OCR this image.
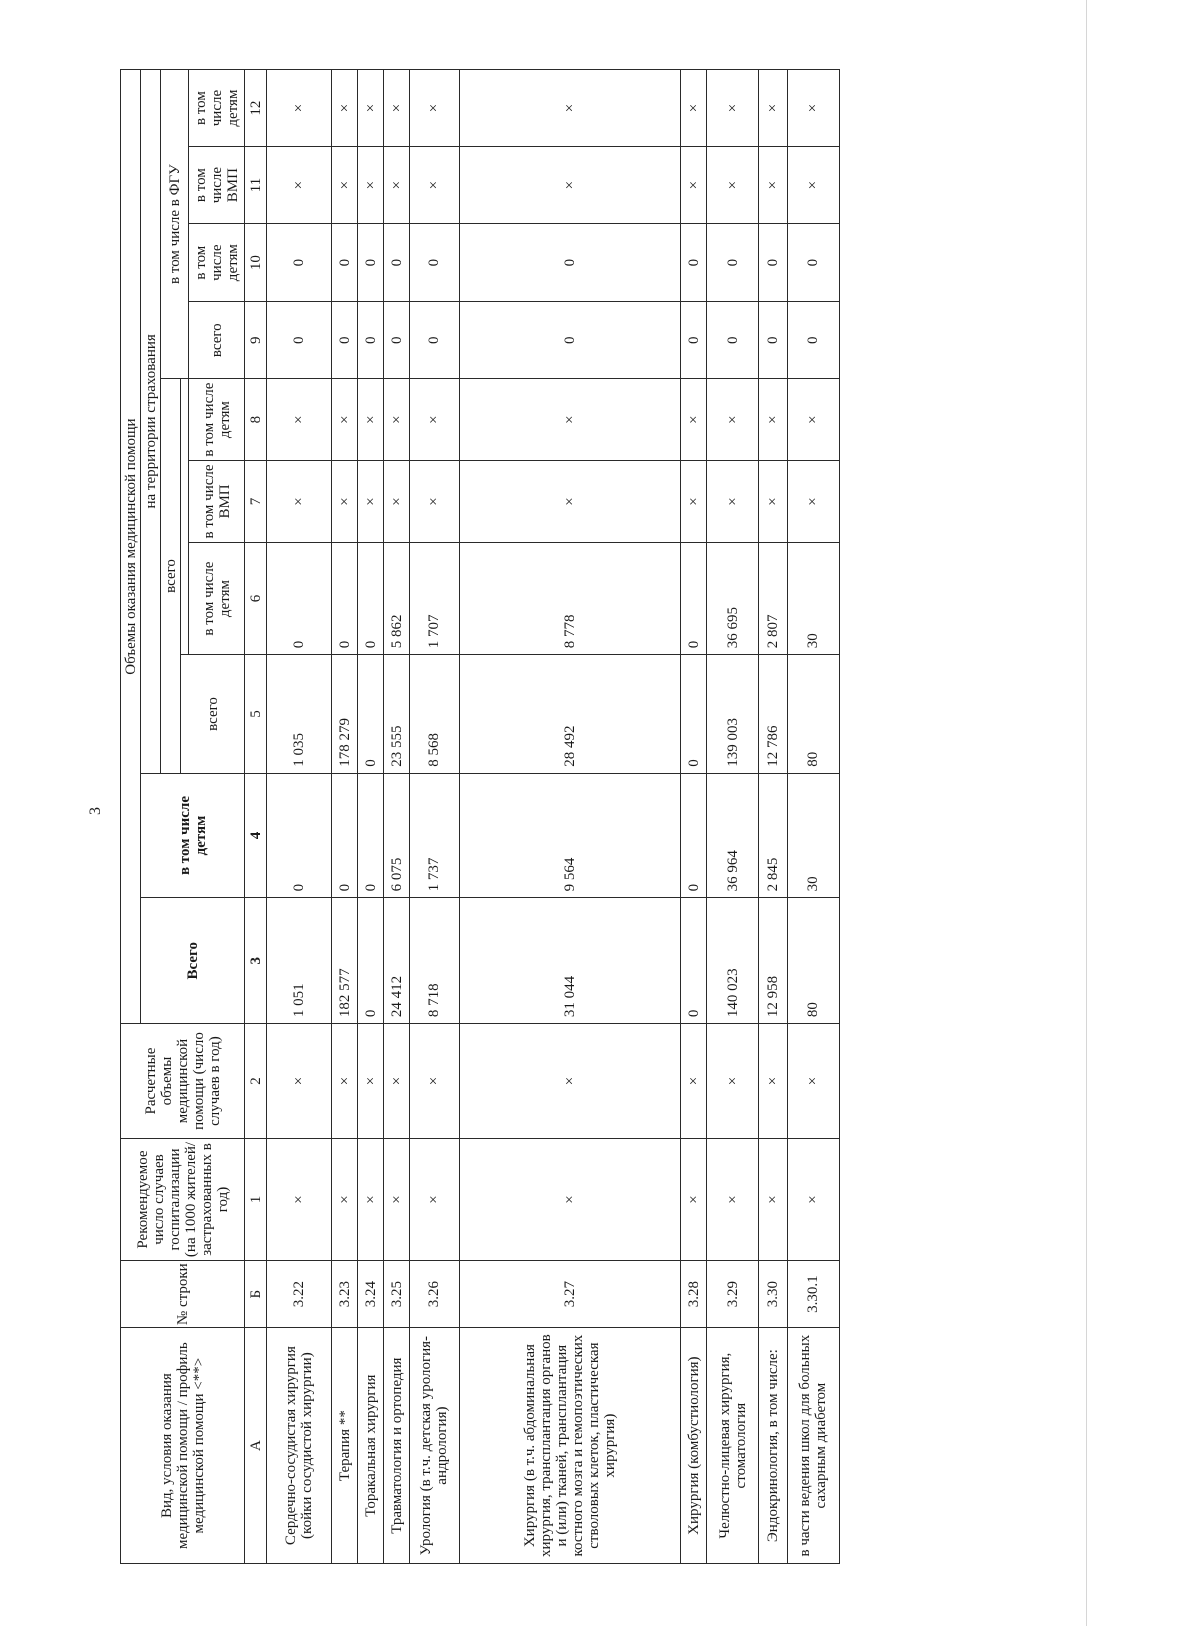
3
Вид, условия оказания медицинской помощи / профиль медицинской помощи <**>	№ строки	Рекомендуемое число случаев госпитализации (на 1000 жителей/ застрахованных в год)	Расчетные объемы медицинской помощи (число случаев в год)	Объемы оказания медицинской помощи									
				Всего	в том числе детям	на территории страхования							
						всего				в том числе в ФГУ			
						всего							
							в том числе детям	в том числе ВМП	в том числе детям	всего	в том числе детям	в том числе ВМП	в том числе детям
А	Б	1	2	3	4	5	6	7	8	9	10	11	12
Сердечно-сосудистая хирургия (койки сосудистой хирургии)	3.22	×	×	1 051	0	1 035	0	×	×	0	0	×	×
Терапия **	3.23	×	×	182 577	0	178 279	0	×	×	0	0	×	×
Торакальная хирургия	3.24	×	×	0	0	0	0	×	×	0	0	×	×
Травматология и ортопедия	3.25	×	×	24 412	6 075	23 555	5 862	×	×	0	0	×	×
Урология (в т.ч. детская урология-андрология)	3.26	×	×	8 718	1 737	8 568	1 707	×	×	0	0	×	×
Хирургия (в т.ч. абдоминальная хирургия, трансплантация органов и (или) тканей, трансплантация костного мозга и гемопоэтических стволовых клеток, пластическая хирургия)	3.27	×	×	31 044	9 564	28 492	8 778	×	×	0	0	×	×
Хирургия (комбустиология)	3.28	×	×	0	0	0	0	×	×	0	0	×	×
Челюстно-лицевая хирургия, стоматология	3.29	×	×	140 023	36 964	139 003	36 695	×	×	0	0	×	×
Эндокринология, в том числе:	3.30	×	×	12 958	2 845	12 786	2 807	×	×	0	0	×	×
в части ведения школ для больных сахарным диабетом	3.30.1	×	×	80	30	80	30	×	×	0	0	×	×
